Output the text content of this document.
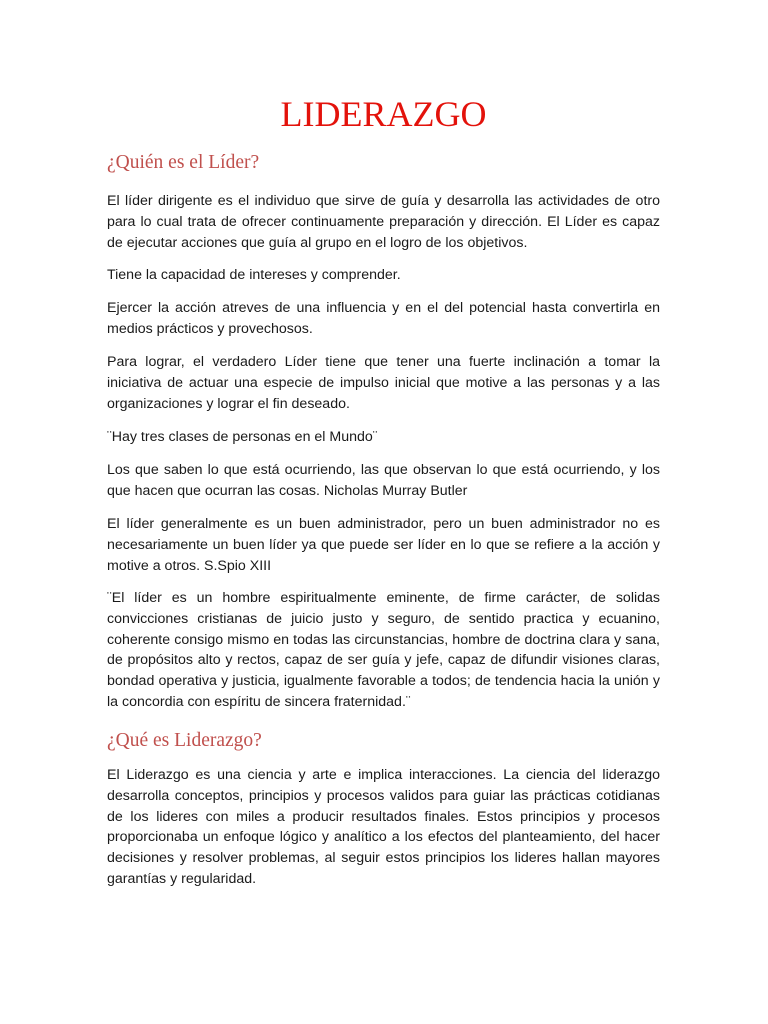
LIDERAZGO
¿Quién es el Líder?

El líder dirigente es el individuo que sirve de guía y desarrolla las actividades de otro para lo cual trata de ofrecer continuamente preparación y dirección. El Líder es capaz de ejecutar acciones que guía al grupo en el logro de los objetivos.

Tiene la capacidad de intereses y comprender.

Ejercer la acción atreves de una influencia y en el del potencial hasta convertirla en medios prácticos y provechosos.

Para lograr, el verdadero Líder tiene que tener una fuerte inclinación a tomar la iniciativa de actuar una especie de impulso inicial que motive a las personas y a las organizaciones y lograr el fin deseado.

¨Hay tres clases de personas en el Mundo¨

Los que saben lo que está ocurriendo, las que observan lo que está ocurriendo, y los que hacen que ocurran las cosas. Nicholas Murray Butler

El líder generalmente es un buen administrador, pero un buen administrador no es necesariamente un buen líder ya que puede ser líder en lo que se refiere a la acción y motive a otros. S.Spio XIII

¨El líder es un hombre espiritualmente eminente, de firme carácter, de solidas convicciones cristianas de juicio justo y seguro, de sentido practica y ecuanino, coherente consigo mismo en todas las circunstancias, hombre de doctrina clara y sana, de propósitos alto y rectos, capaz de ser guía y jefe, capaz de difundir visiones claras, bondad operativa y justicia, igualmente favorable a todos; de tendencia hacia la unión y la concordia con espíritu de sincera fraternidad.¨

¿Qué es Liderazgo?

El Liderazgo es una ciencia y arte e implica interacciones. La ciencia del liderazgo desarrolla conceptos, principios y procesos validos para guiar las prácticas cotidianas de los lideres con miles a producir resultados finales. Estos principios y procesos proporcionaba un enfoque lógico y analítico a los efectos del planteamiento, del hacer decisiones y resolver problemas, al seguir estos principios los lideres hallan mayores garantías y regularidad.
